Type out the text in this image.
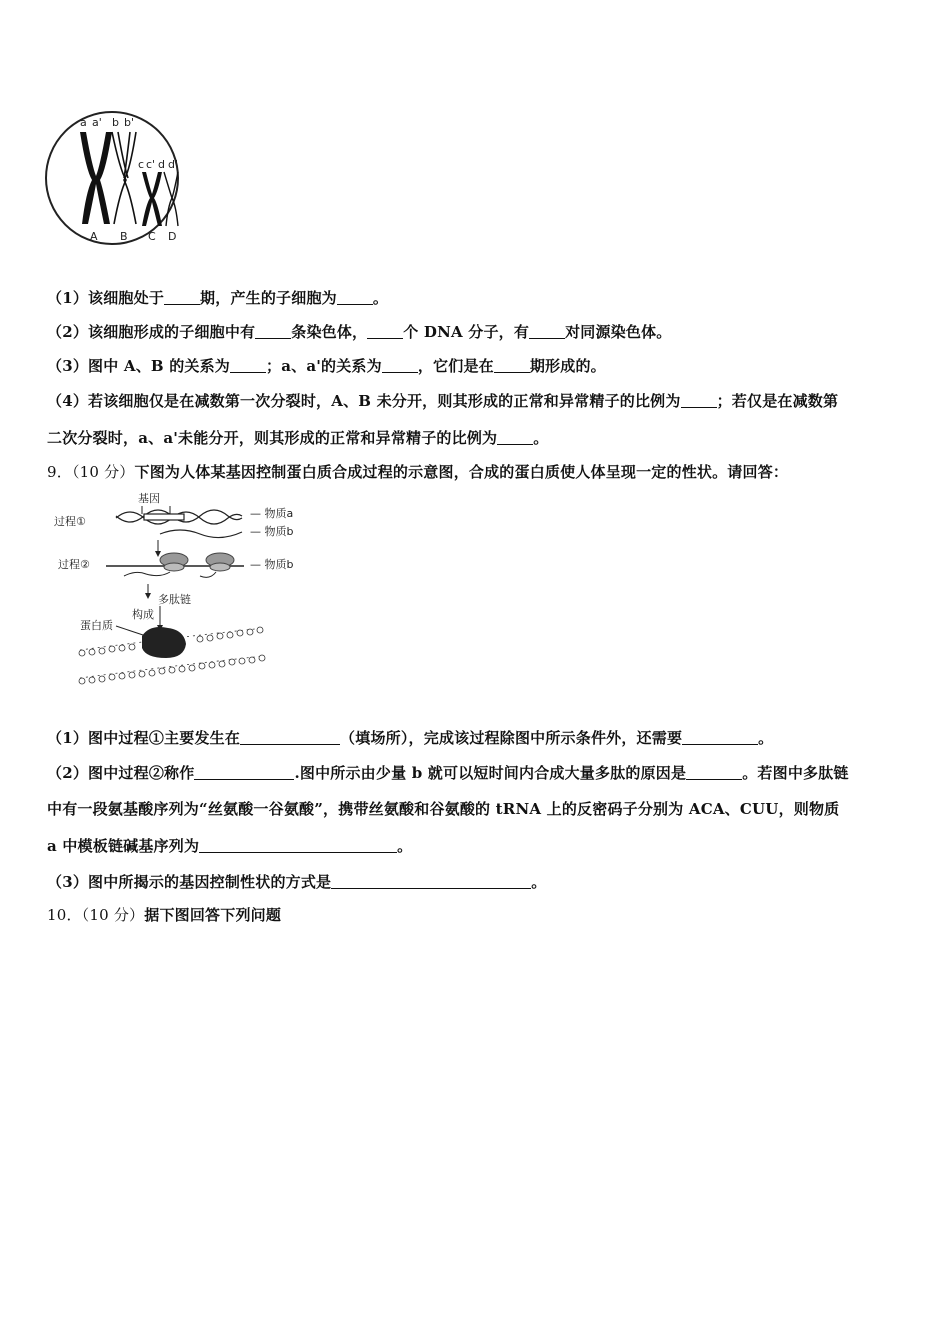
a a' b b'
c c' d d'
A B C D
（1）该细胞处于 期，产生的子细胞为 。
（2）该细胞形成的子细胞中有 条染色体， 个 DNA 分子，有 对同源染色体。
（3）图中 A、B 的关系为 ；a、a'的关系为 ，它们是在 期形成的。
（4）若该细胞仅是在减数第一次分裂时，A、B 未分开，则其形成的正常和异常精子的比例为 ；若仅是在减数第
二次分裂时，a、a'未能分开，则其形成的正常和异常精子的比例为 。
9．（10 分）下图为人体某基因控制蛋白质合成过程的示意图，合成的蛋白质使人体呈现一定的性状。请回答：
基因
过程①
— 物质a
— 物质b
过程②	— 物质b
多肽链
构成
蛋白质
（1）图中过程①主要发生在	（填场所），完成该过程除图中所示条件外，还需要	。
（2）图中过程②称作	.图中所示由少量 b 就可以短时间内合成大量多肽的原因是	。若图中多肽链
中有一段氨基酸序列为“丝氨酸一谷氨酸”，携带丝氨酸和谷氨酸的 tRNA 上的反密码子分别为 ACA、CUU，则物质
a 中模板链碱基序列为	。
（3）图中所揭示的基因控制性状的方式是	。
10．（10 分）据下图回答下列问题
